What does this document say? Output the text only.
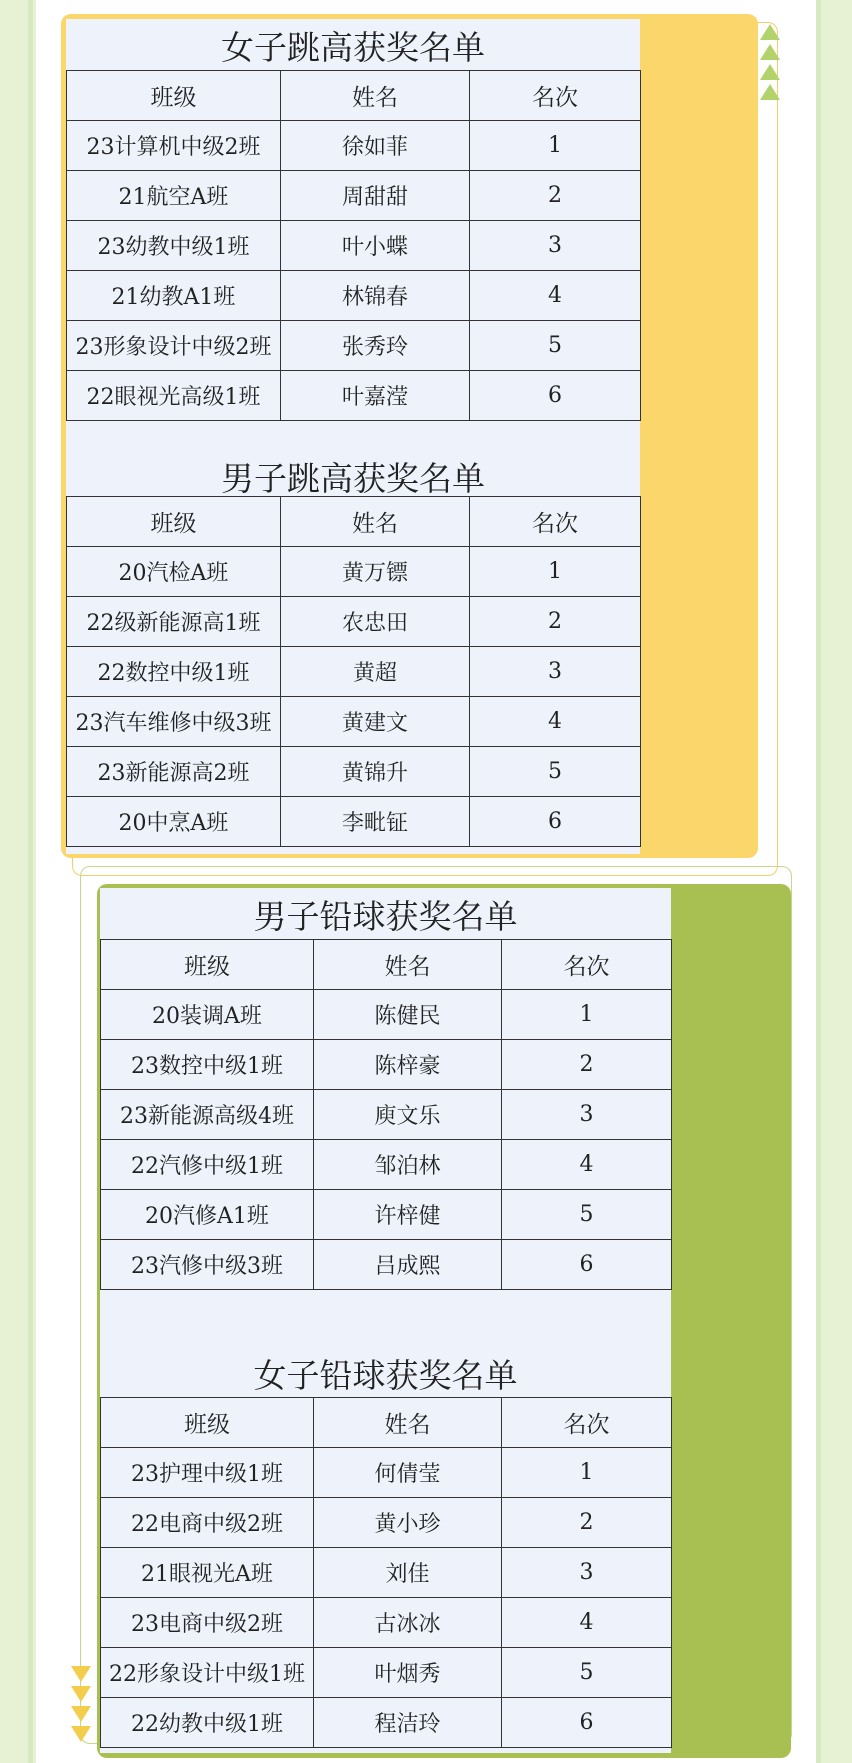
女子跳高获奖名单
班级	姓名	名次
23计算机中级2班	徐如菲	1
21航空A班	周甜甜	2
23幼教中级1班	叶小蝶	3
21幼教A1班	林锦春	4
23形象设计中级2班	张秀玲	5
22眼视光高级1班	叶嘉滢	6
男子跳高获奖名单
班级	姓名	名次
20汽检A班	黄万镖	1
22级新能源高1班	农忠田	2
22数控中级1班	黄超	3
23汽车维修中级3班	黄建文	4
23新能源高2班	黄锦升	5
20中烹A班	李毗钲	6
男子铅球获奖名单
班级	姓名	名次
20装调A班	陈健民	1
23数控中级1班	陈梓豪	2
23新能源高级4班	庾文乐	3
22汽修中级1班	邹泊林	4
20汽修A1班	许梓健	5
23汽修中级3班	吕成熙	6
女子铅球获奖名单
班级	姓名	名次
23护理中级1班	何倩莹	1
22电商中级2班	黄小珍	2
21眼视光A班	刘佳	3
23电商中级2班	古冰冰	4
22形象设计中级1班	叶烟秀	5
22幼教中级1班	程洁玲	6
